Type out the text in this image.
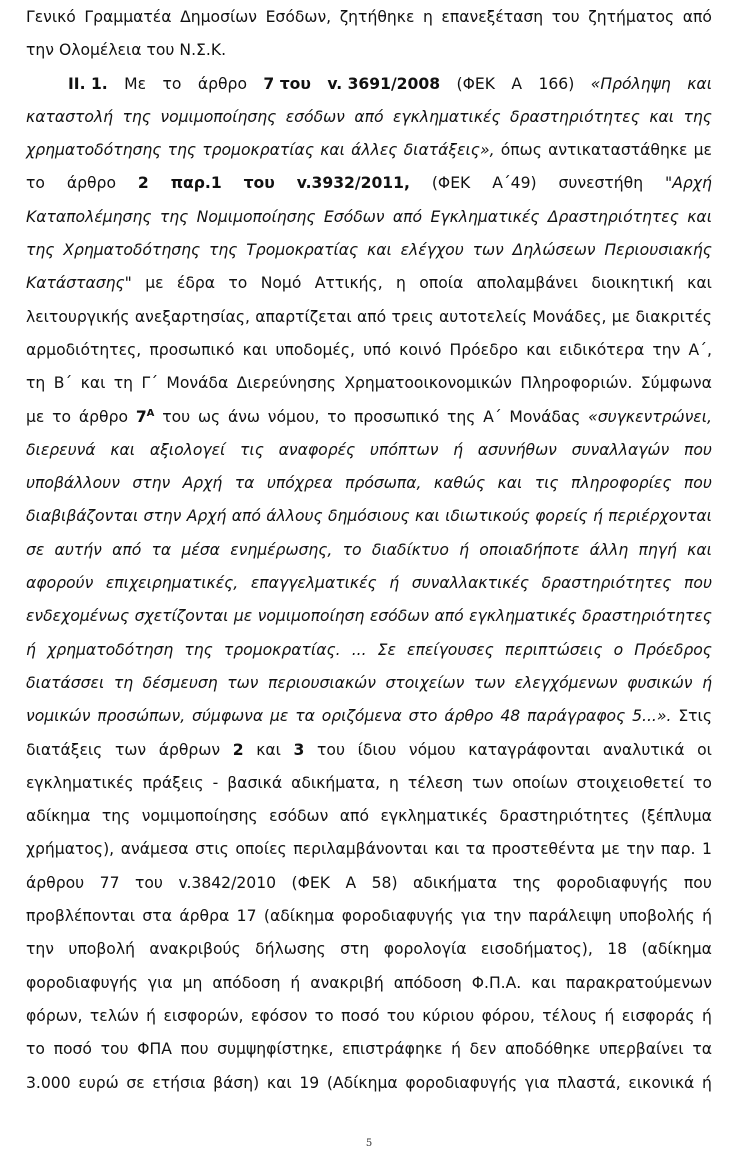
Γενικό Γραμματέα Δημοσίων Εσόδων, ζητήθηκε η επανεξέταση του ζητήματος από
την Ολομέλεια του Ν.Σ.Κ.
ΙΙ. 1. Με το άρθρο 7 του v. 3691/2008 (ΦΕΚ Α 166) «Πρόληψη και
καταστολή της νομιμοποίησης εσόδων από εγκληματικές δραστηριότητες και της
χρηματοδότησης της τρομοκρατίας και άλλες διατάξεις», όπως αντικαταστάθηκε με
το άρθρο 2 παρ.1 του v.3932/2011, (ΦΕΚ Α΄49) συνεστήθη "Αρχή
Καταπολέμησης της Νομιμοποίησης Εσόδων από Εγκληματικές Δραστηριότητες και
της Χρηματοδότησης της Τρομοκρατίας και ελέγχου των Δηλώσεων Περιουσιακής
Κατάστασης" με έδρα το Νομό Αττικής, η οποία απολαμβάνει διοικητική και
λειτουργικής ανεξαρτησίας, απαρτίζεται από τρεις αυτοτελείς Μονάδες, με διακριτές
αρμοδιότητες, προσωπικό και υποδομές, υπό κοινό Πρόεδρο και ειδικότερα την Α΄,
τη Β΄ και τη Γ΄ Μονάδα Διερεύνησης Χρηματοοικονομικών Πληροφοριών. Σύμφωνα
με το άρθρο $7^A$ του ως άνω νόμου, το προσωπικό της Α΄ Μονάδας «συγκεντρώνει,
διερευνά και αξιολογεί τις αναφορές υπόπτων ή ασυνήθων συναλλαγών που
υποβάλλουν στην Αρχή τα υπόχρεα πρόσωπα, καθώς και τις πληροφορίες που
διαβιβάζονται στην Αρχή από άλλους δημόσιους και ιδιωτικούς φορείς ή περιέρχονται
σε αυτήν από τα μέσα ενημέρωσης, το διαδίκτυο ή οποιαδήποτε άλλη πηγή και
αφορούν επιχειρηματικές, επαγγελματικές ή συναλλακτικές δραστηριότητες που
ενδεχομένως σχετίζονται με νομιμοποίηση εσόδων από εγκληματικές δραστηριότητες
ή χρηματοδότηση της τρομοκρατίας. ... Σε επείγουσες περιπτώσεις ο Πρόεδρος
διατάσσει τη δέσμευση των περιουσιακών στοιχείων των ελεγχόμενων φυσικών ή
νομικών προσώπων, σύμφωνα με τα οριζόμενα στο άρθρο 48 παράγραφος 5...». Στις
διατάξεις των άρθρων 2 και 3 του ίδιου νόμου καταγράφονται αναλυτικά οι
εγκληματικές πράξεις - βασικά αδικήματα, η τέλεση των οποίων στοιχειοθετεί το
αδίκημα της νομιμοποίησης εσόδων από εγκληματικές δραστηριότητες (ξέπλυμα
χρήματος), ανάμεσα στις οποίες περιλαμβάνονται και τα προστεθέντα με την παρ. 1
άρθρου 77 του v.3842/2010 (ΦΕΚ Α 58) αδικήματα της φοροδιαφυγής που
προβλέπονται στα άρθρα 17 (αδίκημα φοροδιαφυγής για την παράλειψη υποβολής ή
την υποβολή ανακριβούς δήλωσης στη φορολογία εισοδήματος), 18 (αδίκημα
φοροδιαφυγής για μη απόδοση ή ανακριβή απόδοση Φ.Π.Α. και παρακρατούμενων
φόρων, τελών ή εισφορών, εφόσον το ποσό του κύριου φόρου, τέλους ή εισφοράς ή
το ποσό του ΦΠΑ που συμψηφίστηκε, επιστράφηκε ή δεν αποδόθηκε υπερβαίνει τα
3.000 ευρώ σε ετήσια βάση) και 19 (Αδίκημα φοροδιαφυγής για πλαστά, εικονικά ή
5
